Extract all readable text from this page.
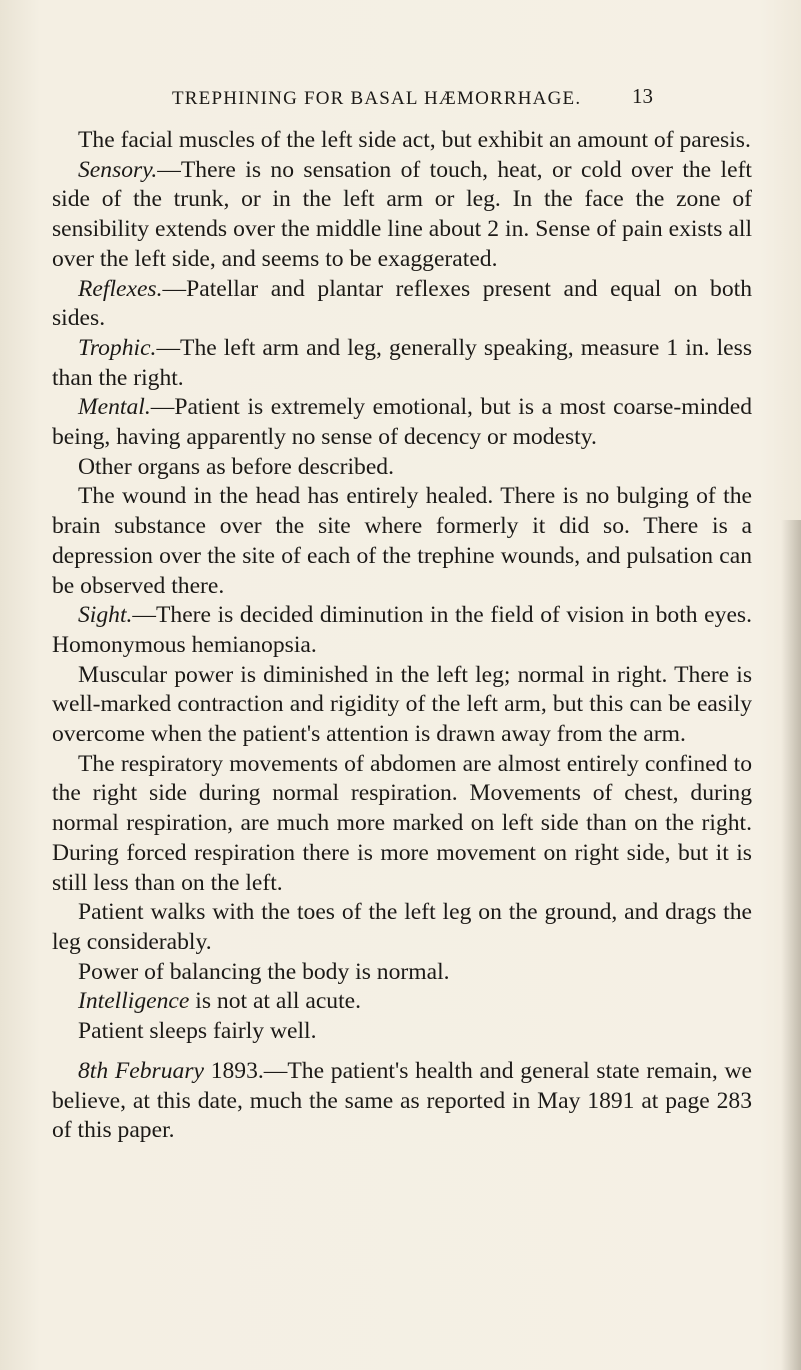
TREPHINING FOR BASAL HÆMORRHAGE.	13

The facial muscles of the left side act, but exhibit an amount of paresis.

Sensory.—There is no sensation of touch, heat, or cold over the left side of the trunk, or in the left arm or leg. In the face the zone of sensibility extends over the middle line about 2 in. Sense of pain exists all over the left side, and seems to be exaggerated.

Reflexes.—Patellar and plantar reflexes present and equal on both sides.

Trophic.—The left arm and leg, generally speaking, measure 1 in. less than the right.

Mental.—Patient is extremely emotional, but is a most coarse-minded being, having apparently no sense of decency or modesty.

Other organs as before described.

The wound in the head has entirely healed. There is no bulging of the brain substance over the site where formerly it did so. There is a depression over the site of each of the trephine wounds, and pulsation can be observed there.

Sight.—There is decided diminution in the field of vision in both eyes. Homonymous hemianopsia.

Muscular power is diminished in the left leg; normal in right. There is well-marked contraction and rigidity of the left arm, but this can be easily overcome when the patient's attention is drawn away from the arm.

The respiratory movements of abdomen are almost entirely confined to the right side during normal respiration. Movements of chest, during normal respiration, are much more marked on left side than on the right. During forced respiration there is more movement on right side, but it is still less than on the left.

Patient walks with the toes of the left leg on the ground, and drags the leg considerably.

Power of balancing the body is normal.

Intelligence is not at all acute.

Patient sleeps fairly well.

8th February 1893.—The patient's health and general state remain, we believe, at this date, much the same as reported in May 1891 at page 283 of this paper.
